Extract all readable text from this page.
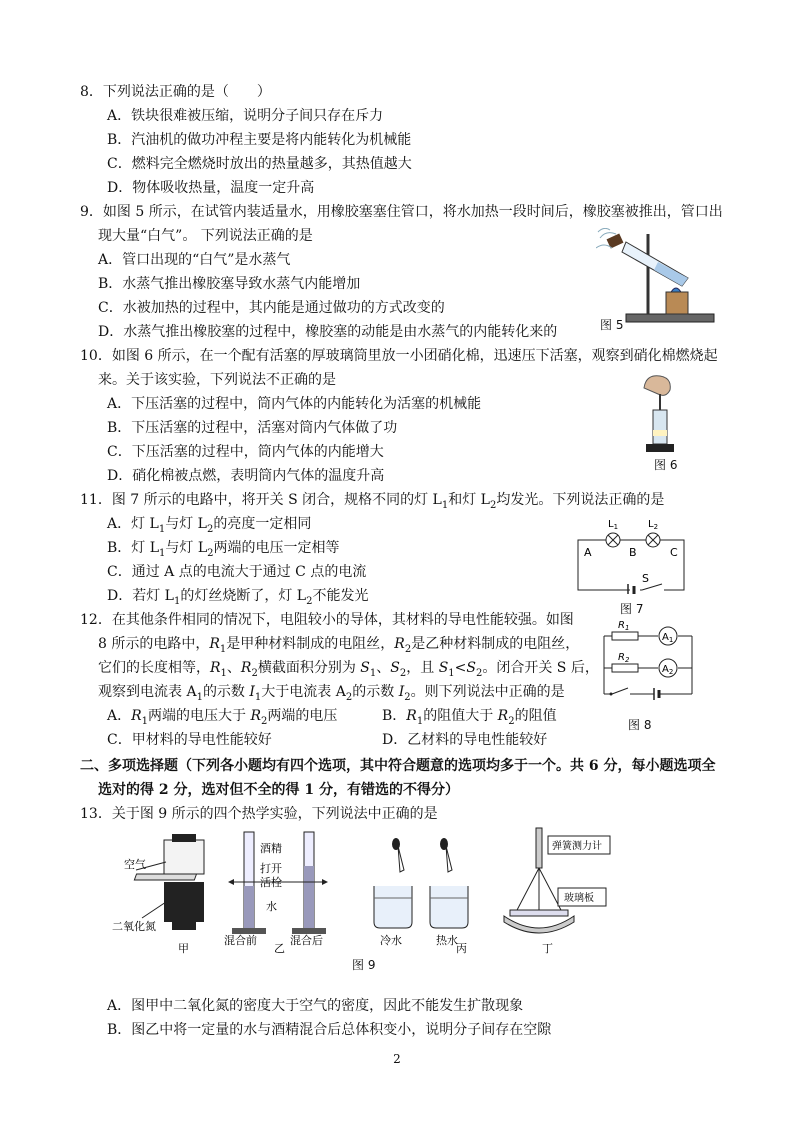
8．下列说法正确的是（　　）
A．铁块很难被压缩，说明分子间只存在斥力
B．汽油机的做功冲程主要是将内能转化为机械能
C．燃料完全燃烧时放出的热量越多，其热值越大
D．物体吸收热量，温度一定升高
9．如图 5 所示，在试管内装适量水，用橡胶塞塞住管口，将水加热一段时间后，橡胶塞被推出，管口出
现大量“白气”。 下列说法正确的是
A．管口出现的“白气”是水蒸气
B．水蒸气推出橡胶塞导致水蒸气内能增加
C．水被加热的过程中，其内能是通过做功的方式改变的
D．水蒸气推出橡胶塞的过程中，橡胶塞的动能是由水蒸气的内能转化来的	图 5
10．如图 6 所示，在一个配有活塞的厚玻璃筒里放一小团硝化棉，迅速压下活塞，观察到硝化棉燃烧起
来。关于该实验，下列说法不正确的是
A．下压活塞的过程中，筒内气体的内能转化为活塞的机械能
B．下压活塞的过程中，活塞对筒内气体做了功
C．下压活塞的过程中，筒内气体的内能增大
D．硝化棉被点燃，表明筒内气体的温度升高
图 6
11．图 7 所示的电路中，将开关 S 闭合，规格不同的灯 $L_1$和灯 $L_2$均发光。下列说法正确的是
A．灯 $L_1$与灯 $L_2$的亮度一定相同
B．灯 $L_1$与灯 $L_2$两端的电压一定相等
C．通过 A 点的电流大于通过 C 点的电流
D．若灯 $L_1$的灯丝烧断了，灯 $L_2$不能发光
$L_1$	$L_2$
A	B	C
S
图 7
12．在其他条件相同的情况下，电阻较小的导体，其材料的导电性能较强。如图
8 所示的电路中，$R_1$是甲种材料制成的电阻丝，$R_2$是乙种材料制成的电阻丝，
它们的长度相等，$R_1$、$R_2$横截面积分别为 $S_1$、$S_2$，且 $S_1<S_2$。闭合开关 S 后，
观察到电流表 $A_1$的示数 $I_1$大于电流表 $A_2$的示数 $I_2$。则下列说法中正确的是
A．$R_1$两端的电压大于 $R_2$两端的电压	B．$R_1$的阻值大于 $R_2$的阻值
C．甲材料的导电性能较好	D．乙材料的导电性能较好
$A_1$
$A_2$
$R_1$
$R_2$
图 8
二、多项选择题（下列各小题均有四个选项，其中符合题意的选项均多于一个。共 6 分，每小题选项全
选对的得 2 分，选对但不全的得 1 分，有错选的不得分）
13．关于图 9 所示的四个热学实验，下列说法中正确的是
空气
二氧化氮
甲
酒精
打开
活栓
水
混合前	混合后
乙
冷水	热水
丙
弹簧测力计
玻璃板
丁
图 9
A．图甲中二氧化氮的密度大于空气的密度，因此不能发生扩散现象
B．图乙中将一定量的水与酒精混合后总体积变小，说明分子间存在空隙
2
